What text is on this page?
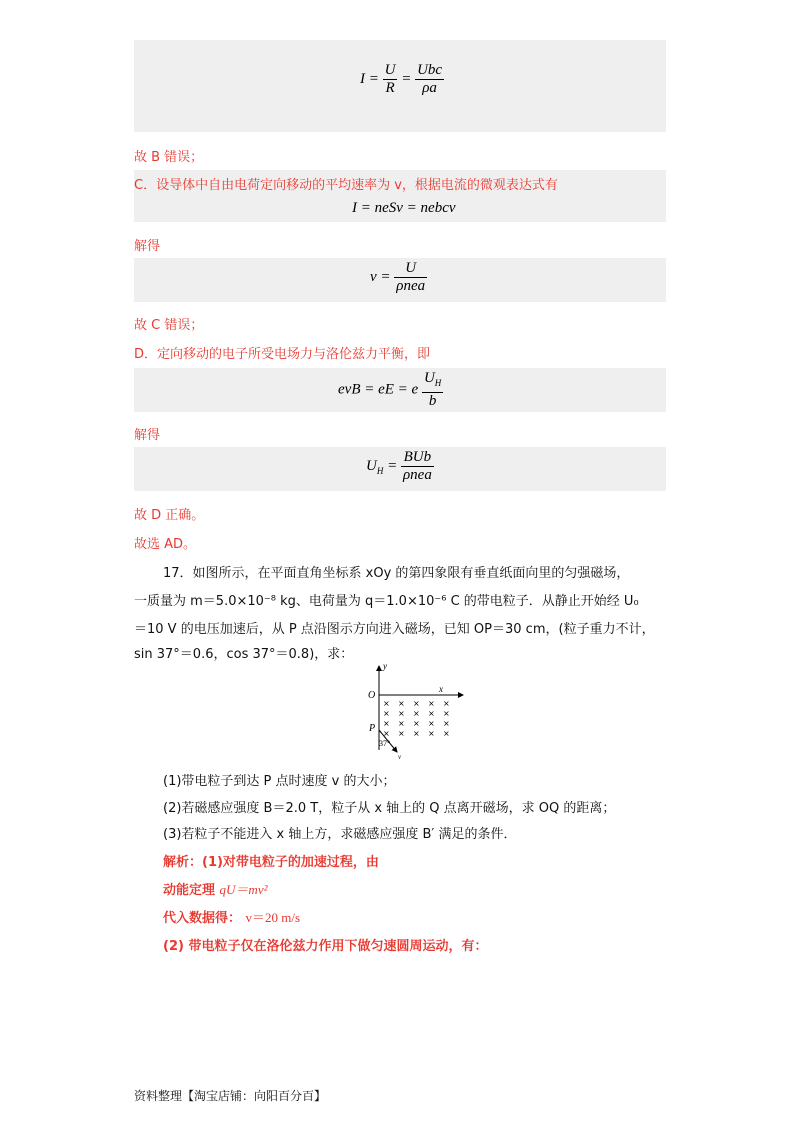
$I = \frac{U}{R} = \frac{\text{Ubc}}{\rho a}$
故 B 错误；
C．设导体中自由电荷定向移动的平均速率为 v，根据电流的微观表达式有
I = neSv = nebcv
解得
$v = \frac{U}{\text{ρnea}}$
故 C 错误；
D．定向移动的电子所受电场力与洛伦兹力平衡，即
evB = eE = e $\frac{U_H}{b}$
解得
$U_H = \frac{\text{BUb}}{\text{ρnea}}$
故 D 正确。
故选 AD。
17．如图所示，在平面直角坐标系 xOy 的第四象限有垂直纸面向里的匀强磁场，
一质量为 m＝5.0×10⁻⁸ kg、电荷量为 q＝1.0×10⁻⁶ C 的带电粒子．从静止开始经 U₀
＝10 V 的电压加速后，从 P 点沿图示方向进入磁场，已知 OP＝30 cm，(粒子重力不计，
sin 37°＝0.6，cos 37°＝0.8)，求：
y
x
O
P
× × × × ×
× × × × ×
× × × × ×
× × × × ×
37°
v
(1)带电粒子到达 P 点时速度 v 的大小；
(2)若磁感应强度 B＝2.0 T，粒子从 x 轴上的 Q 点离开磁场，求 OQ 的距离；
(3)若粒子不能进入 x 轴上方，求磁感应强度 B′ 满足的条件．
解析：(1)对带电粒子的加速过程，由
动能定理 qU＝mv²
代入数据得： v＝20 m/s
(2) 带电粒子仅在洛伦兹力作用下做匀速圆周运动，有：
资料整理【淘宝店铺：向阳百分百】
